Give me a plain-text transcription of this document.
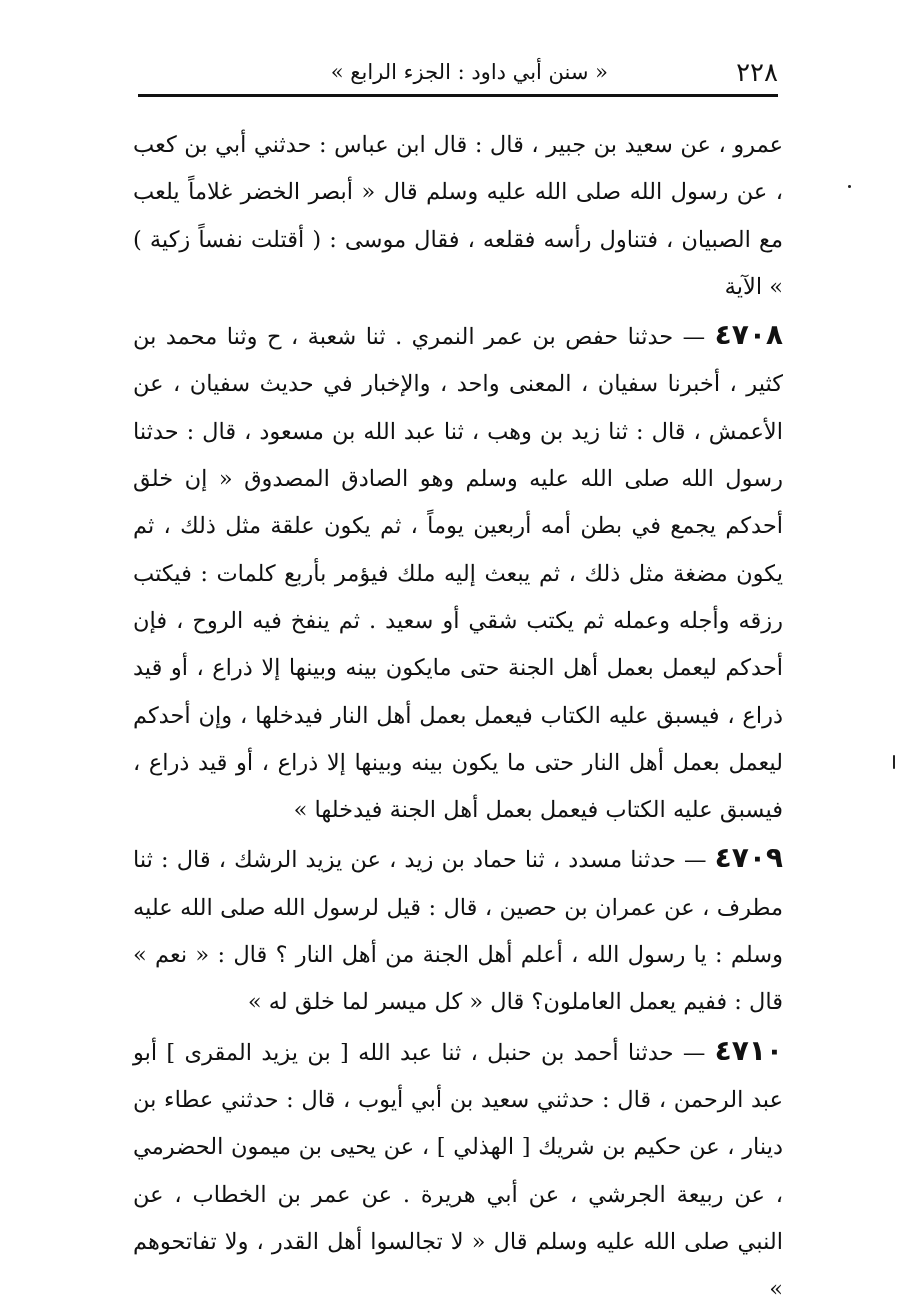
٢٢٨
« سنن أبي داود : الجزء الرابع »

عمرو ، عن سعيد بن جبير ، قال : قال ابن عباس : حدثني أبي بن كعب ، عن رسول الله صلى الله عليه وسلم قال « أبصر الخضر غلاماً يلعب مع الصبيان ، فتناول رأسه فقلعه ، فقال موسى : ( أقتلت نفساً زكية ) » الآية

٤٧٠٨ — حدثنا حفص بن عمر النمري . ثنا شعبة ، ح وثنا محمد بن كثير ، أخبرنا سفيان ، المعنى واحد ، والإخبار في حديث سفيان ، عن الأعمش ، قال : ثنا زيد بن وهب ، ثنا عبد الله بن مسعود ، قال : حدثنا رسول الله صلى الله عليه وسلم وهو الصادق المصدوق « إن خلق أحدكم يجمع في بطن أمه أربعين يوماً ، ثم يكون علقة مثل ذلك ، ثم يكون مضغة مثل ذلك ، ثم يبعث إليه ملك فيؤمر بأربع كلمات : فيكتب رزقه وأجله وعمله ثم يكتب شقي أو سعيد . ثم ينفخ فيه الروح ، فإن أحدكم ليعمل بعمل أهل الجنة حتى مايكون بينه وبينها إلا ذراع ، أو قيد ذراع ، فيسبق عليه الكتاب فيعمل بعمل أهل النار فيدخلها ، وإن أحدكم ليعمل بعمل أهل النار حتى ما يكون بينه وبينها إلا ذراع ، أو قيد ذراع ، فيسبق عليه الكتاب فيعمل بعمل أهل الجنة فيدخلها »

٤٧٠٩ — حدثنا مسدد ، ثنا حماد بن زيد ، عن يزيد الرشك ، قال : ثنا مطرف ، عن عمران بن حصين ، قال : قيل لرسول الله صلى الله عليه وسلم : يا رسول الله ، أعلم أهل الجنة من أهل النار ؟ قال : « نعم » قال : ففيم يعمل العاملون؟ قال « كل ميسر لما خلق له »

٤٧١٠ — حدثنا أحمد بن حنبل ، ثنا عبد الله [ بن يزيد المقرى ] أبو عبد الرحمن ، قال : حدثني سعيد بن أبي أيوب ، قال : حدثني عطاء بن دينار ، عن حكيم بن شريك [ الهذلي ] ، عن يحيى بن ميمون الحضرمي ، عن ربيعة الجرشي ، عن أبي هريرة . عن عمر بن الخطاب ، عن النبي صلى الله عليه وسلم قال « لا تجالسوا أهل القدر ، ولا تفاتحوهم »
